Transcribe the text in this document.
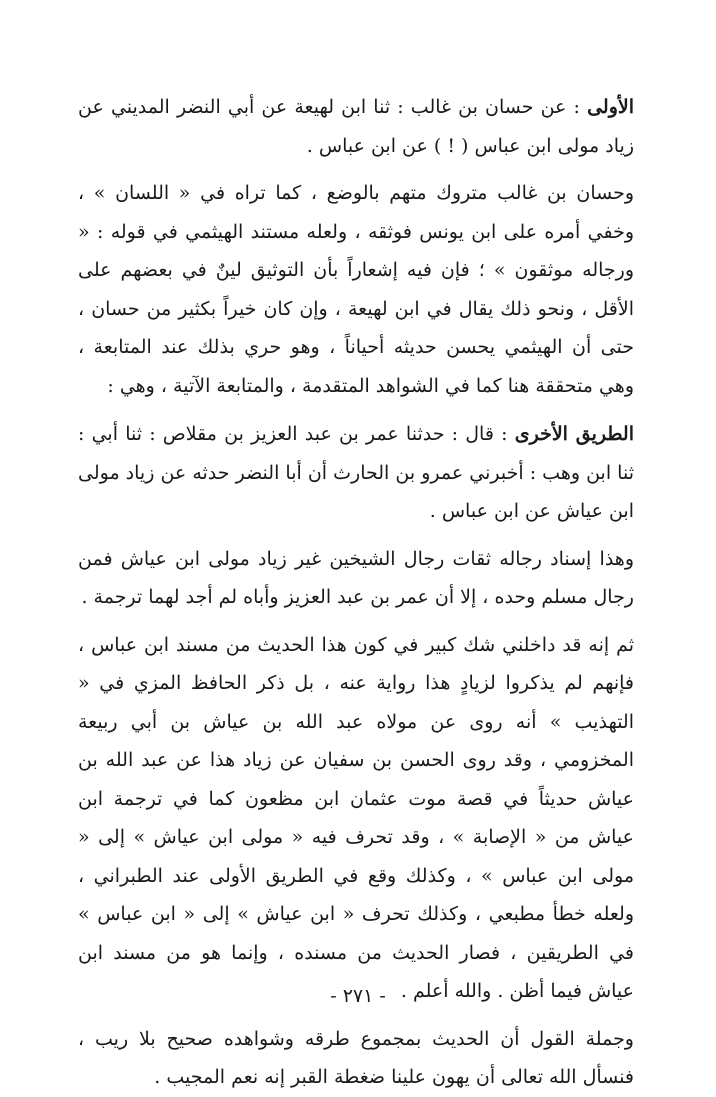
الأولى : عن حسان بن غالب : ثنا ابن لهيعة عن أبي النضر المديني عن زياد مولى ابن عباس ( ! ) عن ابن عباس .

وحسان بن غالب متروك متهم بالوضع ، كما تراه في « اللسان » ، وخفي أمره على ابن يونس فوثقه ، ولعله مستند الهيثمي في قوله : « ورجاله موثقون » ؛ فإن فيه إشعاراً بأن التوثيق لينٌ في بعضهم على الأقل ، ونحو ذلك يقال في ابن لهيعة ، وإن كان خيراً بكثير من حسان ، حتى أن الهيثمي يحسن حديثه أحياناً ، وهو حري بذلك عند المتابعة ، وهي متحققة هنا كما في الشواهد المتقدمة ، والمتابعة الآتية ، وهي :

الطريق الأخرى : قال : حدثنا عمر بن عبد العزيز بن مقلاص : ثنا أبي : ثنا ابن وهب : أخبرني عمرو بن الحارث أن أبا النضر حدثه عن زياد مولى ابن عياش عن ابن عباس .

وهذا إسناد رجاله ثقات رجال الشيخين غير زياد مولى ابن عياش فمن رجال مسلم وحده ، إلا أن عمر بن عبد العزيز وأباه لم أجد لهما ترجمة .

ثم إنه قد داخلني شك كبير في كون هذا الحديث من مسند ابن عباس ، فإنهم لم يذكروا لزيادٍ هذا رواية عنه ، بل ذكر الحافظ المزي في « التهذيب » أنه روى عن مولاه عبد الله بن عياش بن أبي ربيعة المخزومي ، وقد روى الحسن بن سفيان عن زياد هذا عن عبد الله بن عياش حديثاً في قصة موت عثمان ابن مظعون كما في ترجمة ابن عياش من « الإصابة » ، وقد تحرف فيه « مولى ابن عياش » إلى « مولى ابن عباس » ، وكذلك وقع في الطريق الأولى عند الطبراني ، ولعله خطأ مطبعي ، وكذلك تحرف « ابن عياش » إلى « ابن عباس » في الطريقين ، فصار الحديث من مسنده ، وإنما هو من مسند ابن عياش فيما أظن . والله أعلم .

وجملة القول أن الحديث بمجموع طرقه وشواهده صحيح بلا ريب ، فنسأل الله تعالى أن يهون علينا ضغطة القبر إنه نعم المجيب .

- ٢٧١ -
